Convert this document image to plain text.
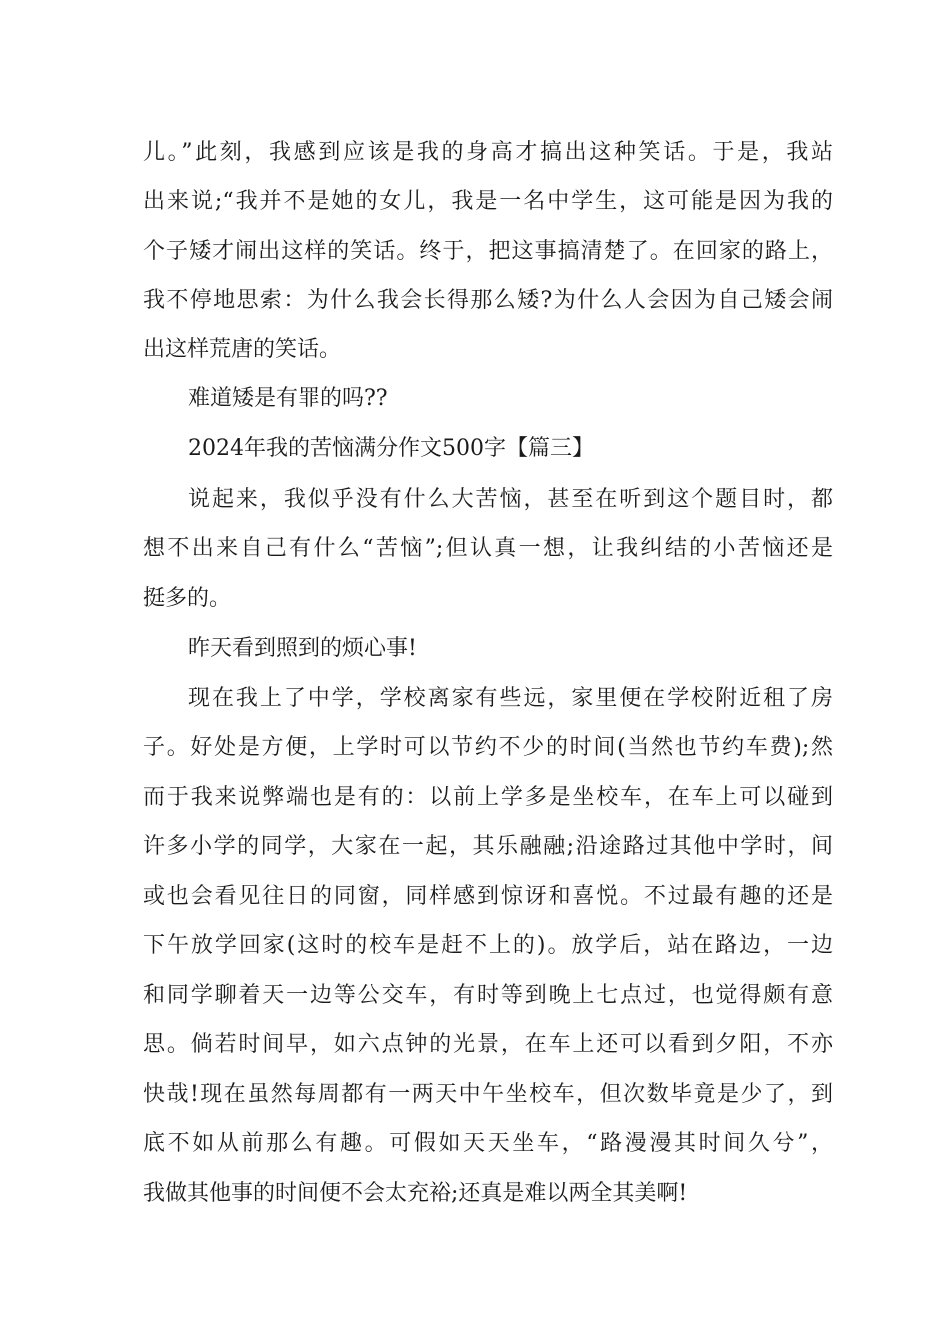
儿。”此刻，我感到应该是我的身高才搞出这种笑话。于是，我站
出来说;“我并不是她的女儿，我是一名中学生，这可能是因为我的
个子矮才闹出这样的笑话。终于，把这事搞清楚了。在回家的路上，
我不停地思索：为什么我会长得那么矮?为什么人会因为自己矮会闹
出这样荒唐的笑话。
难道矮是有罪的吗??
2024年我的苦恼满分作文500字【篇三】
说起来，我似乎没有什么大苦恼，甚至在听到这个题目时，都
想不出来自己有什么“苦恼”;但认真一想，让我纠结的小苦恼还是
挺多的。
昨天看到照到的烦心事!
现在我上了中学，学校离家有些远，家里便在学校附近租了房
子。好处是方便，上学时可以节约不少的时间(当然也节约车费);然
而于我来说弊端也是有的：以前上学多是坐校车，在车上可以碰到
许多小学的同学，大家在一起，其乐融融;沿途路过其他中学时，间
或也会看见往日的同窗，同样感到惊讶和喜悦。不过最有趣的还是
下午放学回家(这时的校车是赶不上的)。放学后，站在路边，一边
和同学聊着天一边等公交车，有时等到晚上七点过，也觉得颇有意
思。倘若时间早，如六点钟的光景，在车上还可以看到夕阳，不亦
快哉!现在虽然每周都有一两天中午坐校车，但次数毕竟是少了，到
底不如从前那么有趣。可假如天天坐车，“路漫漫其时间久兮”，
我做其他事的时间便不会太充裕;还真是难以两全其美啊!
